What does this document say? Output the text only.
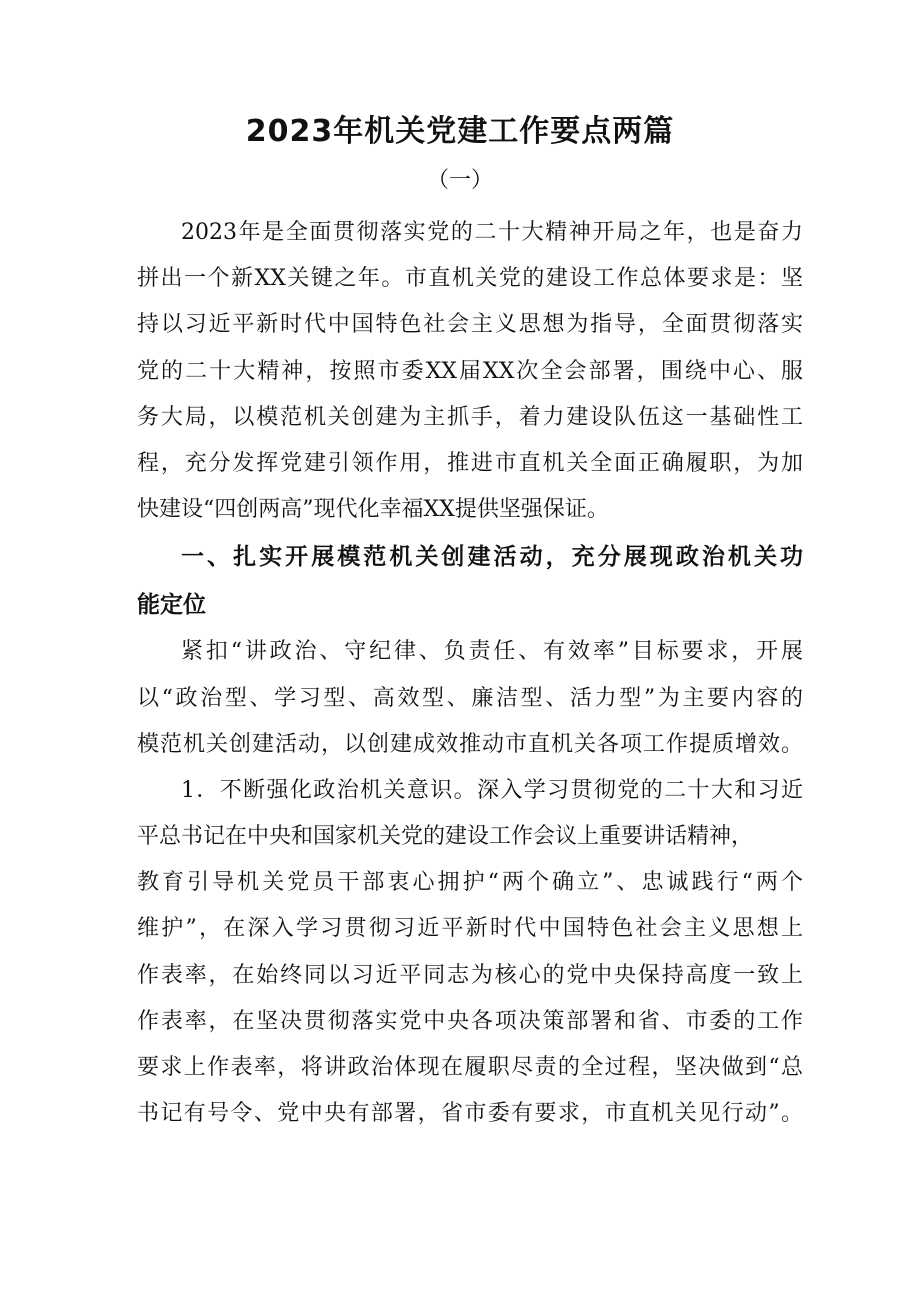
2023年机关党建工作要点两篇
（一）
2023年是全面贯彻落实党的二十大精神开局之年，也是奋力
拼出一个新XX关键之年。市直机关党的建设工作总体要求是：坚
持以习近平新时代中国特色社会主义思想为指导，全面贯彻落实
党的二十大精神，按照市委XX届XX次全会部署，围绕中心、服
务大局，以模范机关创建为主抓手，着力建设队伍这一基础性工
程，充分发挥党建引领作用，推进市直机关全面正确履职，为加
快建设“四创两高”现代化幸福XX提供坚强保证。
一、扎实开展模范机关创建活动，充分展现政治机关功
能定位
紧扣“讲政治、守纪律、负责任、有效率”目标要求，开展
以“政治型、学习型、高效型、廉洁型、活力型”为主要内容的
模范机关创建活动，以创建成效推动市直机关各项工作提质增效。
1．不断强化政治机关意识。深入学习贯彻党的二十大和习近
平总书记在中央和国家机关党的建设工作会议上重要讲话精神，
教育引导机关党员干部衷心拥护“两个确立”、忠诚践行“两个
维护”，在深入学习贯彻习近平新时代中国特色社会主义思想上
作表率，在始终同以习近平同志为核心的党中央保持高度一致上
作表率，在坚决贯彻落实党中央各项决策部署和省、市委的工作
要求上作表率，将讲政治体现在履职尽责的全过程，坚决做到“总
书记有号令、党中央有部署，省市委有要求，市直机关见行动”。
